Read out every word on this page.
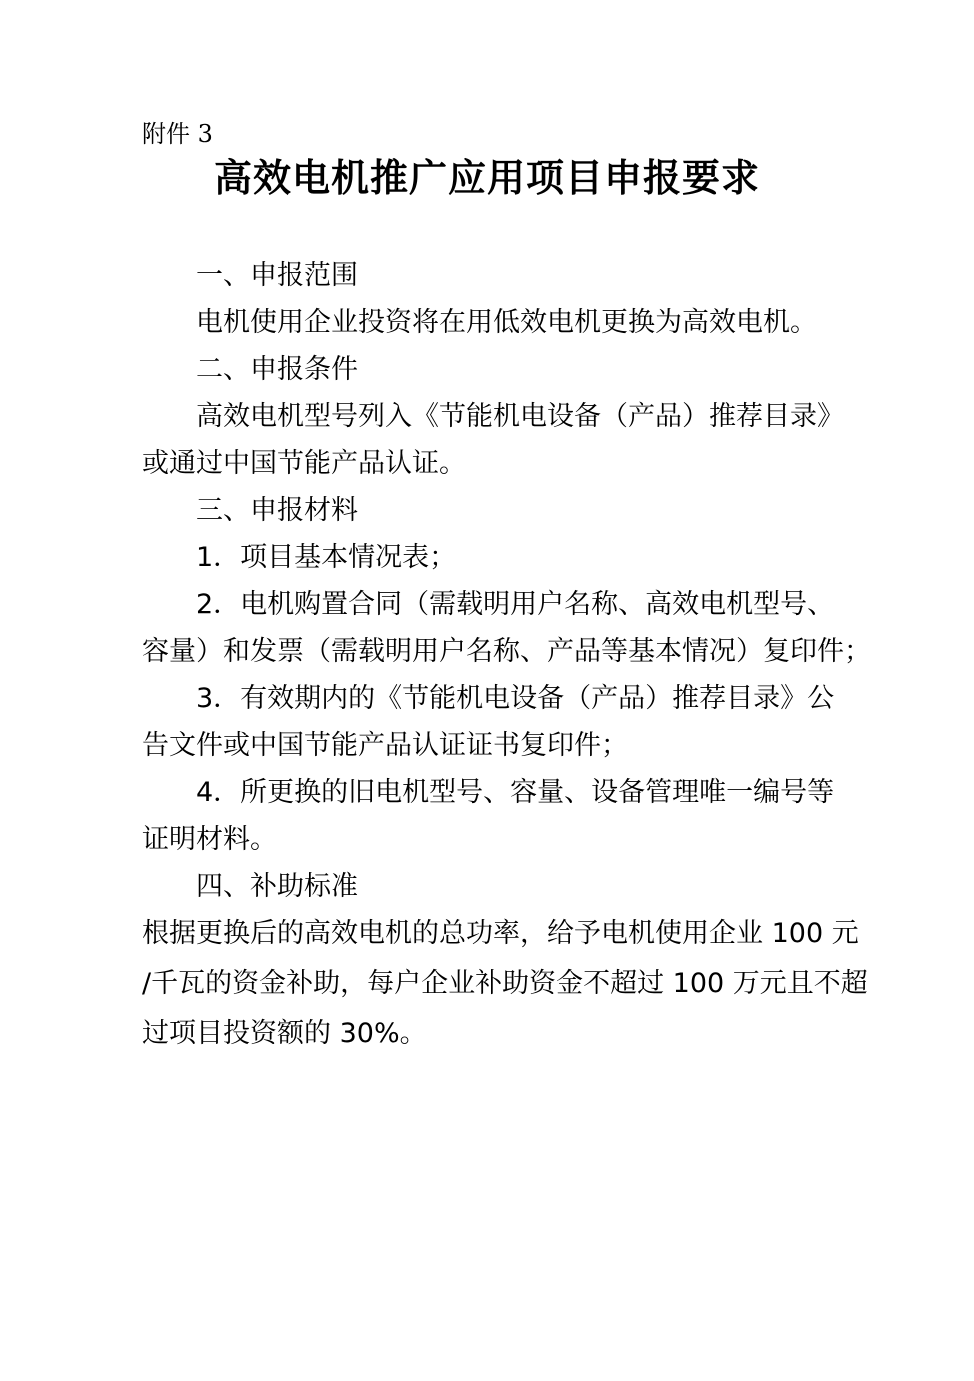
附件 3
高效电机推广应用项目申报要求
一、申报范围
电机使用企业投资将在用低效电机更换为高效电机。
二、申报条件
高效电机型号列入《节能机电设备（产品）推荐目录》
或通过中国节能产品认证。
三、申报材料
1．项目基本情况表；
2．电机购置合同（需载明用户名称、高效电机型号、
容量）和发票（需载明用户名称、产品等基本情况）复印件；
3．有效期内的《节能机电设备（产品）推荐目录》公
告文件或中国节能产品认证证书复印件；
4．所更换的旧电机型号、容量、设备管理唯一编号等
证明材料。
四、补助标准
根据更换后的高效电机的总功率，给予电机使用企业 100 元
/千瓦的资金补助，每户企业补助资金不超过 100 万元且不超
过项目投资额的 30%。
